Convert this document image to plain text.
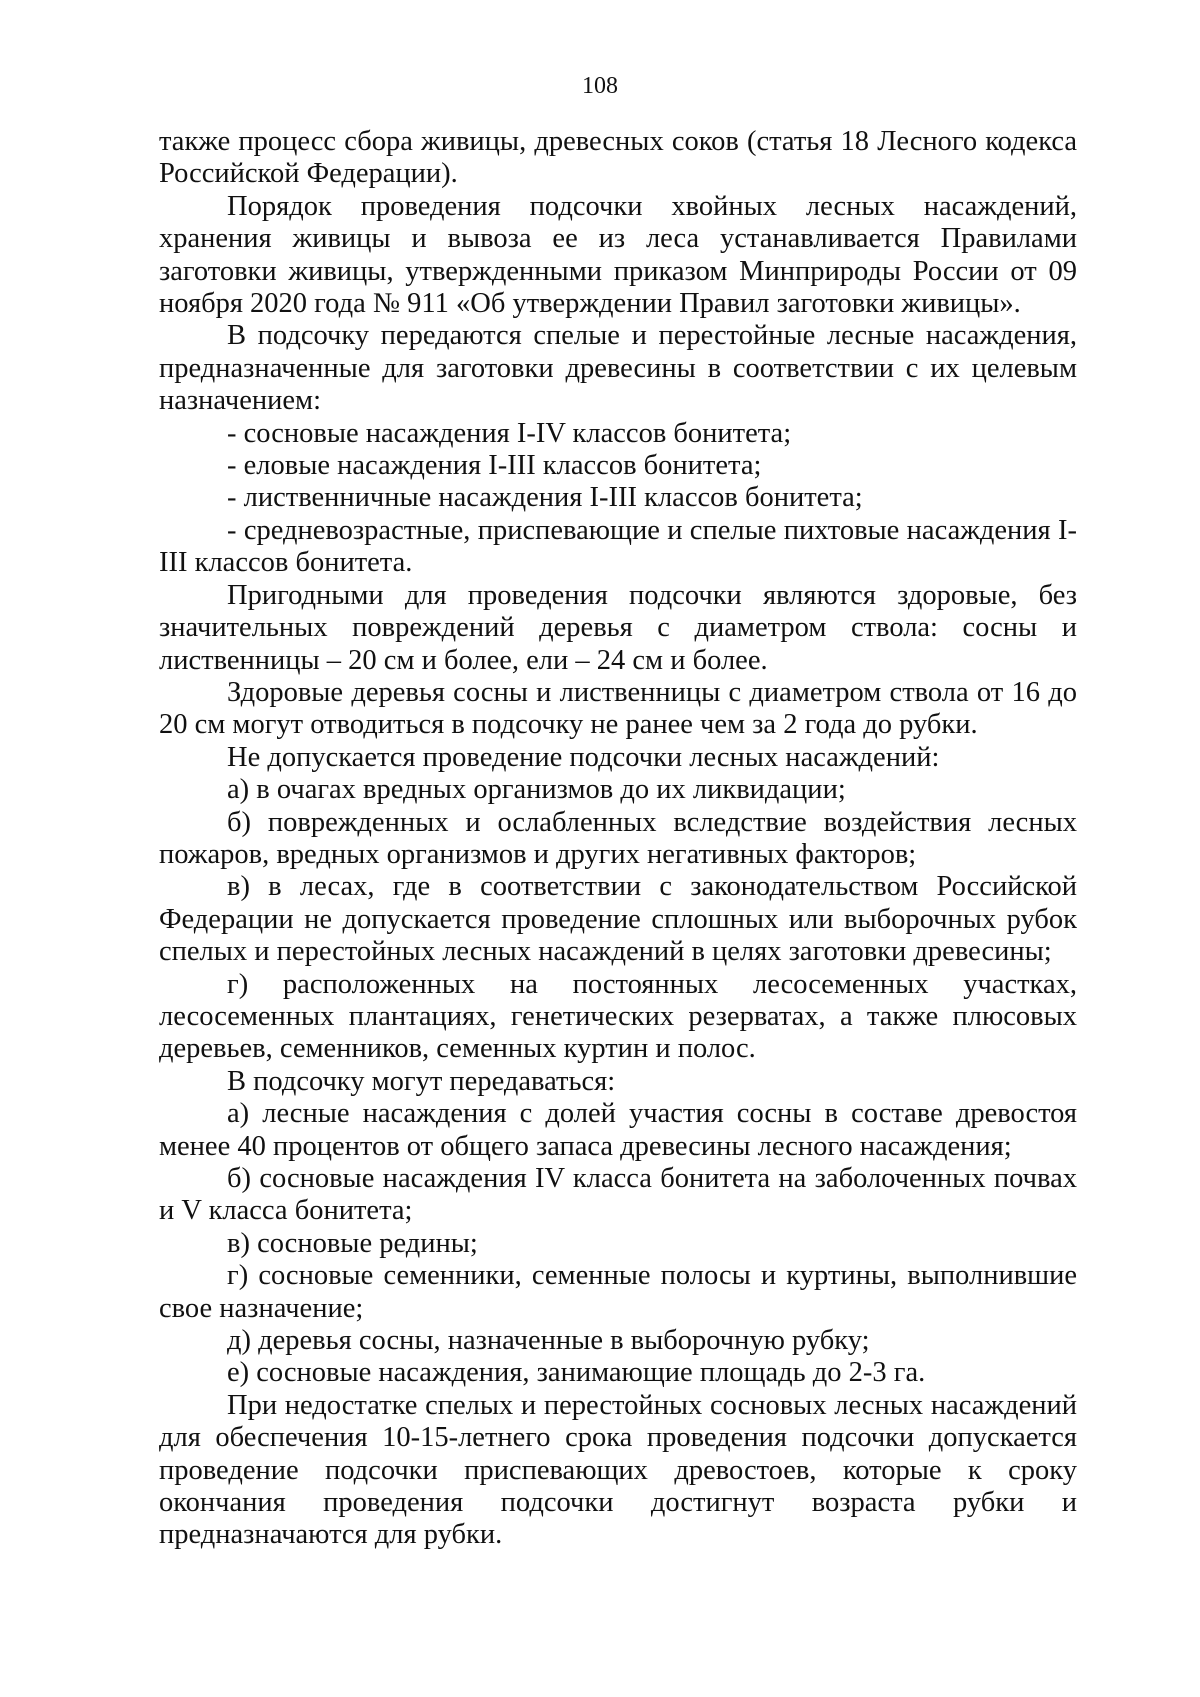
108

также процесс сбора живицы, древесных соков (статья 18 Лесного кодекса Российской Федерации).

Порядок проведения подсочки хвойных лесных насаждений, хранения живицы и вывоза ее из леса устанавливается Правилами заготовки живицы, утвержденными приказом Минприроды России от 09 ноября 2020 года № 911 «Об утверждении Правил заготовки живицы».

В подсочку передаются спелые и перестойные лесные насаждения, предназначенные для заготовки древесины в соответствии с их целевым назначением:

- сосновые насаждения I-IV классов бонитета;

- еловые насаждения I-III классов бонитета;

- лиственничные насаждения I-III классов бонитета;

- средневозрастные, приспевающие и спелые пихтовые насаждения I-III классов бонитета.

Пригодными для проведения подсочки являются здоровые, без значительных повреждений деревья с диаметром ствола: сосны и лиственницы – 20 см и более, ели – 24 см и более.

Здоровые деревья сосны и лиственницы с диаметром ствола от 16 до 20 см могут отводиться в подсочку не ранее чем за 2 года до рубки.

Не допускается проведение подсочки лесных насаждений:

а) в очагах вредных организмов до их ликвидации;

б) поврежденных и ослабленных вследствие воздействия лесных пожаров, вредных организмов и других негативных факторов;

в) в лесах, где в соответствии с законодательством Российской Федерации не допускается проведение сплошных или выборочных рубок спелых и перестойных лесных насаждений в целях заготовки древесины;

г) расположенных на постоянных лесосеменных участках, лесосеменных плантациях, генетических резерватах, а также плюсовых деревьев, семенников, семенных куртин и полос.

В подсочку могут передаваться:

а) лесные насаждения с долей участия сосны в составе древостоя менее 40 процентов от общего запаса древесины лесного насаждения;

б) сосновые насаждения IV класса бонитета на заболоченных почвах и V класса бонитета;

в) сосновые редины;

г) сосновые семенники, семенные полосы и куртины, выполнившие свое назначение;

д) деревья сосны, назначенные в выборочную рубку;

е) сосновые насаждения, занимающие площадь до 2-3 га.

При недостатке спелых и перестойных сосновых лесных насаждений для обеспечения 10-15-летнего срока проведения подсочки допускается проведение подсочки приспевающих древостоев, которые к сроку окончания проведения подсочки достигнут возраста рубки и предназначаются для рубки.
